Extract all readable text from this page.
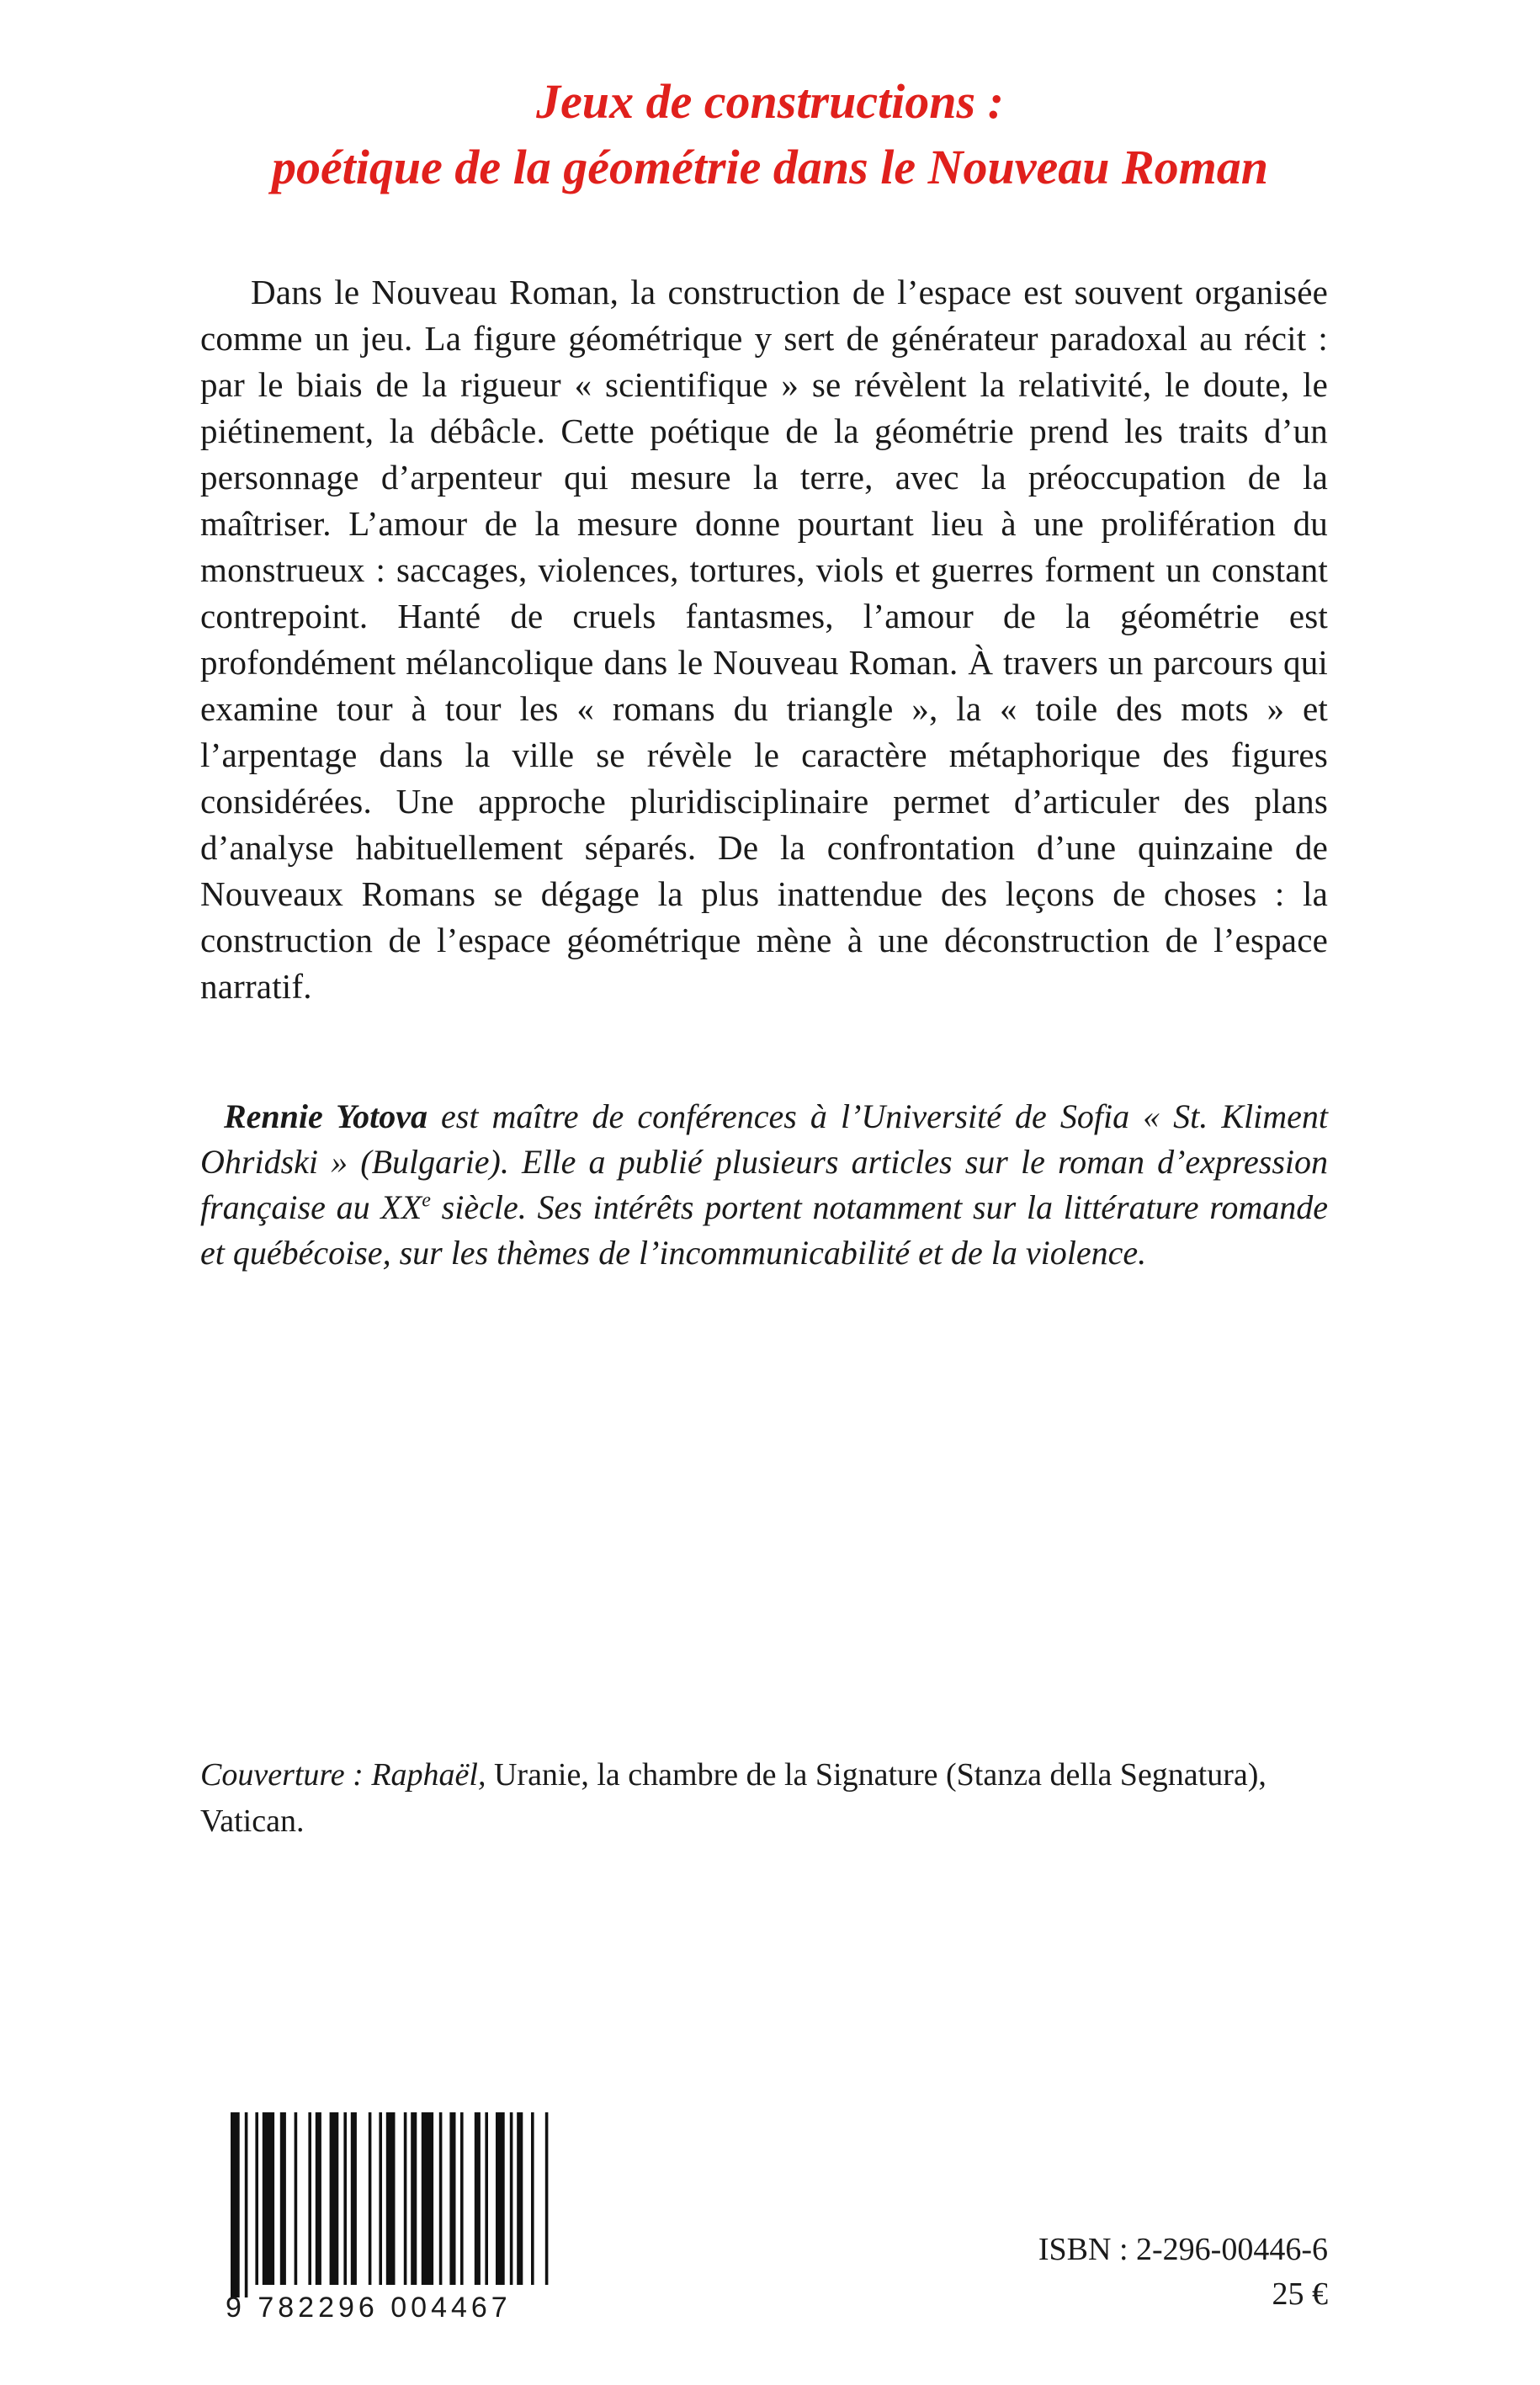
Jeux de constructions :
poétique de la géométrie dans le Nouveau Roman
Dans le Nouveau Roman, la construction de l’espace est souvent organisée comme un jeu. La figure géométrique y sert de générateur paradoxal au récit : par le biais de la rigueur « scientifique » se révèlent la relativité, le doute, le piétinement, la débâcle. Cette poétique de la géométrie prend les traits d’un personnage d’arpenteur qui mesure la terre, avec la préoccupation de la maîtriser. L’amour de la mesure donne pourtant lieu à une prolifération du monstrueux : saccages, violences, tortures, viols et guerres forment un constant contrepoint. Hanté de cruels fantasmes, l’amour de la géométrie est profondément mélancolique dans le Nouveau Roman. À travers un parcours qui examine tour à tour les « romans du triangle », la « toile des mots » et l’arpentage dans la ville se révèle le caractère métaphorique des figures considérées. Une approche pluridisciplinaire permet d’articuler des plans d’analyse habituellement séparés. De la confrontation d’une quinzaine de Nouveaux Romans se dégage la plus inattendue des leçons de choses : la construction de l’espace géométrique mène à une déconstruction de l’espace narratif.
Rennie Yotova est maître de conférences à l’Université de Sofia « St. Kliment Ohridski » (Bulgarie). Elle a publié plusieurs articles sur le roman d’expression française au XXe siècle. Ses intérêts portent notamment sur la littérature romande et québécoise, sur les thèmes de l’incommunicabilité et de la violence.
Couverture : Raphaël, Uranie, la chambre de la Signature (Stanza della Segnatura), Vatican.
9 782296 004467
ISBN : 2-296-00446-6
25 €
